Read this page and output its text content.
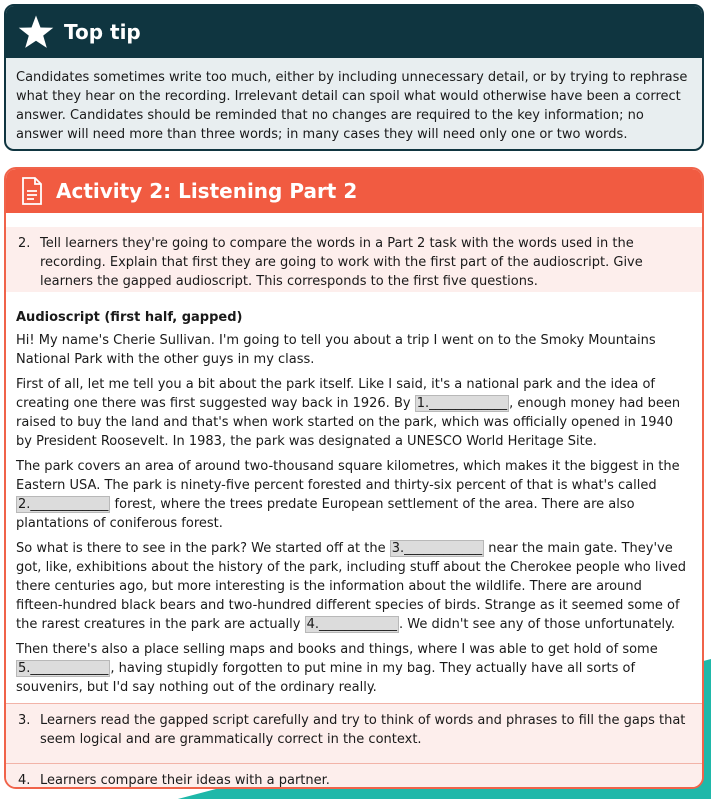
Top tip
Candidates sometimes write too much, either by including unnecessary detail, or by trying to rephrase what they hear on the recording. Irrelevant detail can spoil what would otherwise have been a correct answer. Candidates should be reminded that no changes are required to the key information; no answer will need more than three words; in many cases they will need only one or two words.
Activity 2: Listening Part 2
2. Tell learners they're going to compare the words in a Part 2 task with the words used in the recording. Explain that first they are going to work with the first part of the audioscript. Give learners the gapped audioscript. This corresponds to the first five questions.

Audioscript (first half, gapped)

Hi! My name's Cherie Sullivan. I'm going to tell you about a trip I went on to the Smoky Mountains National Park with the other guys in my class.

First of all, let me tell you a bit about the park itself. Like I said, it's a national park and the idea of creating one there was first suggested way back in 1926. By 1.____________ , enough money had been raised to buy the land and that's when work started on the park, which was officially opened in 1940 by President Roosevelt. In 1983, the park was designated a UNESCO World Heritage Site.

The park covers an area of around two-thousand square kilometres, which makes it the biggest in the Eastern USA. The park is ninety-five percent forested and thirty-six percent of that is what's called 2.____________ forest, where the trees predate European settlement of the area. There are also plantations of coniferous forest.

So what is there to see in the park? We started off at the 3.____________ near the main gate. They've got, like, exhibitions about the history of the park, including stuff about the Cherokee people who lived there centuries ago, but more interesting is the information about the wildlife. There are around fifteen-hundred black bears and two-hundred different species of birds. Strange as it seemed some of the rarest creatures in the park are actually 4.____________ . We didn't see any of those unfortunately.

Then there's also a place selling maps and books and things, where I was able to get hold of some 5.____________ , having stupidly forgotten to put mine in my bag. They actually have all sorts of souvenirs, but I'd say nothing out of the ordinary really.

3. Learners read the gapped script carefully and try to think of words and phrases to fill the gaps that seem logical and are grammatically correct in the context.
4. Learners compare their ideas with a partner.
